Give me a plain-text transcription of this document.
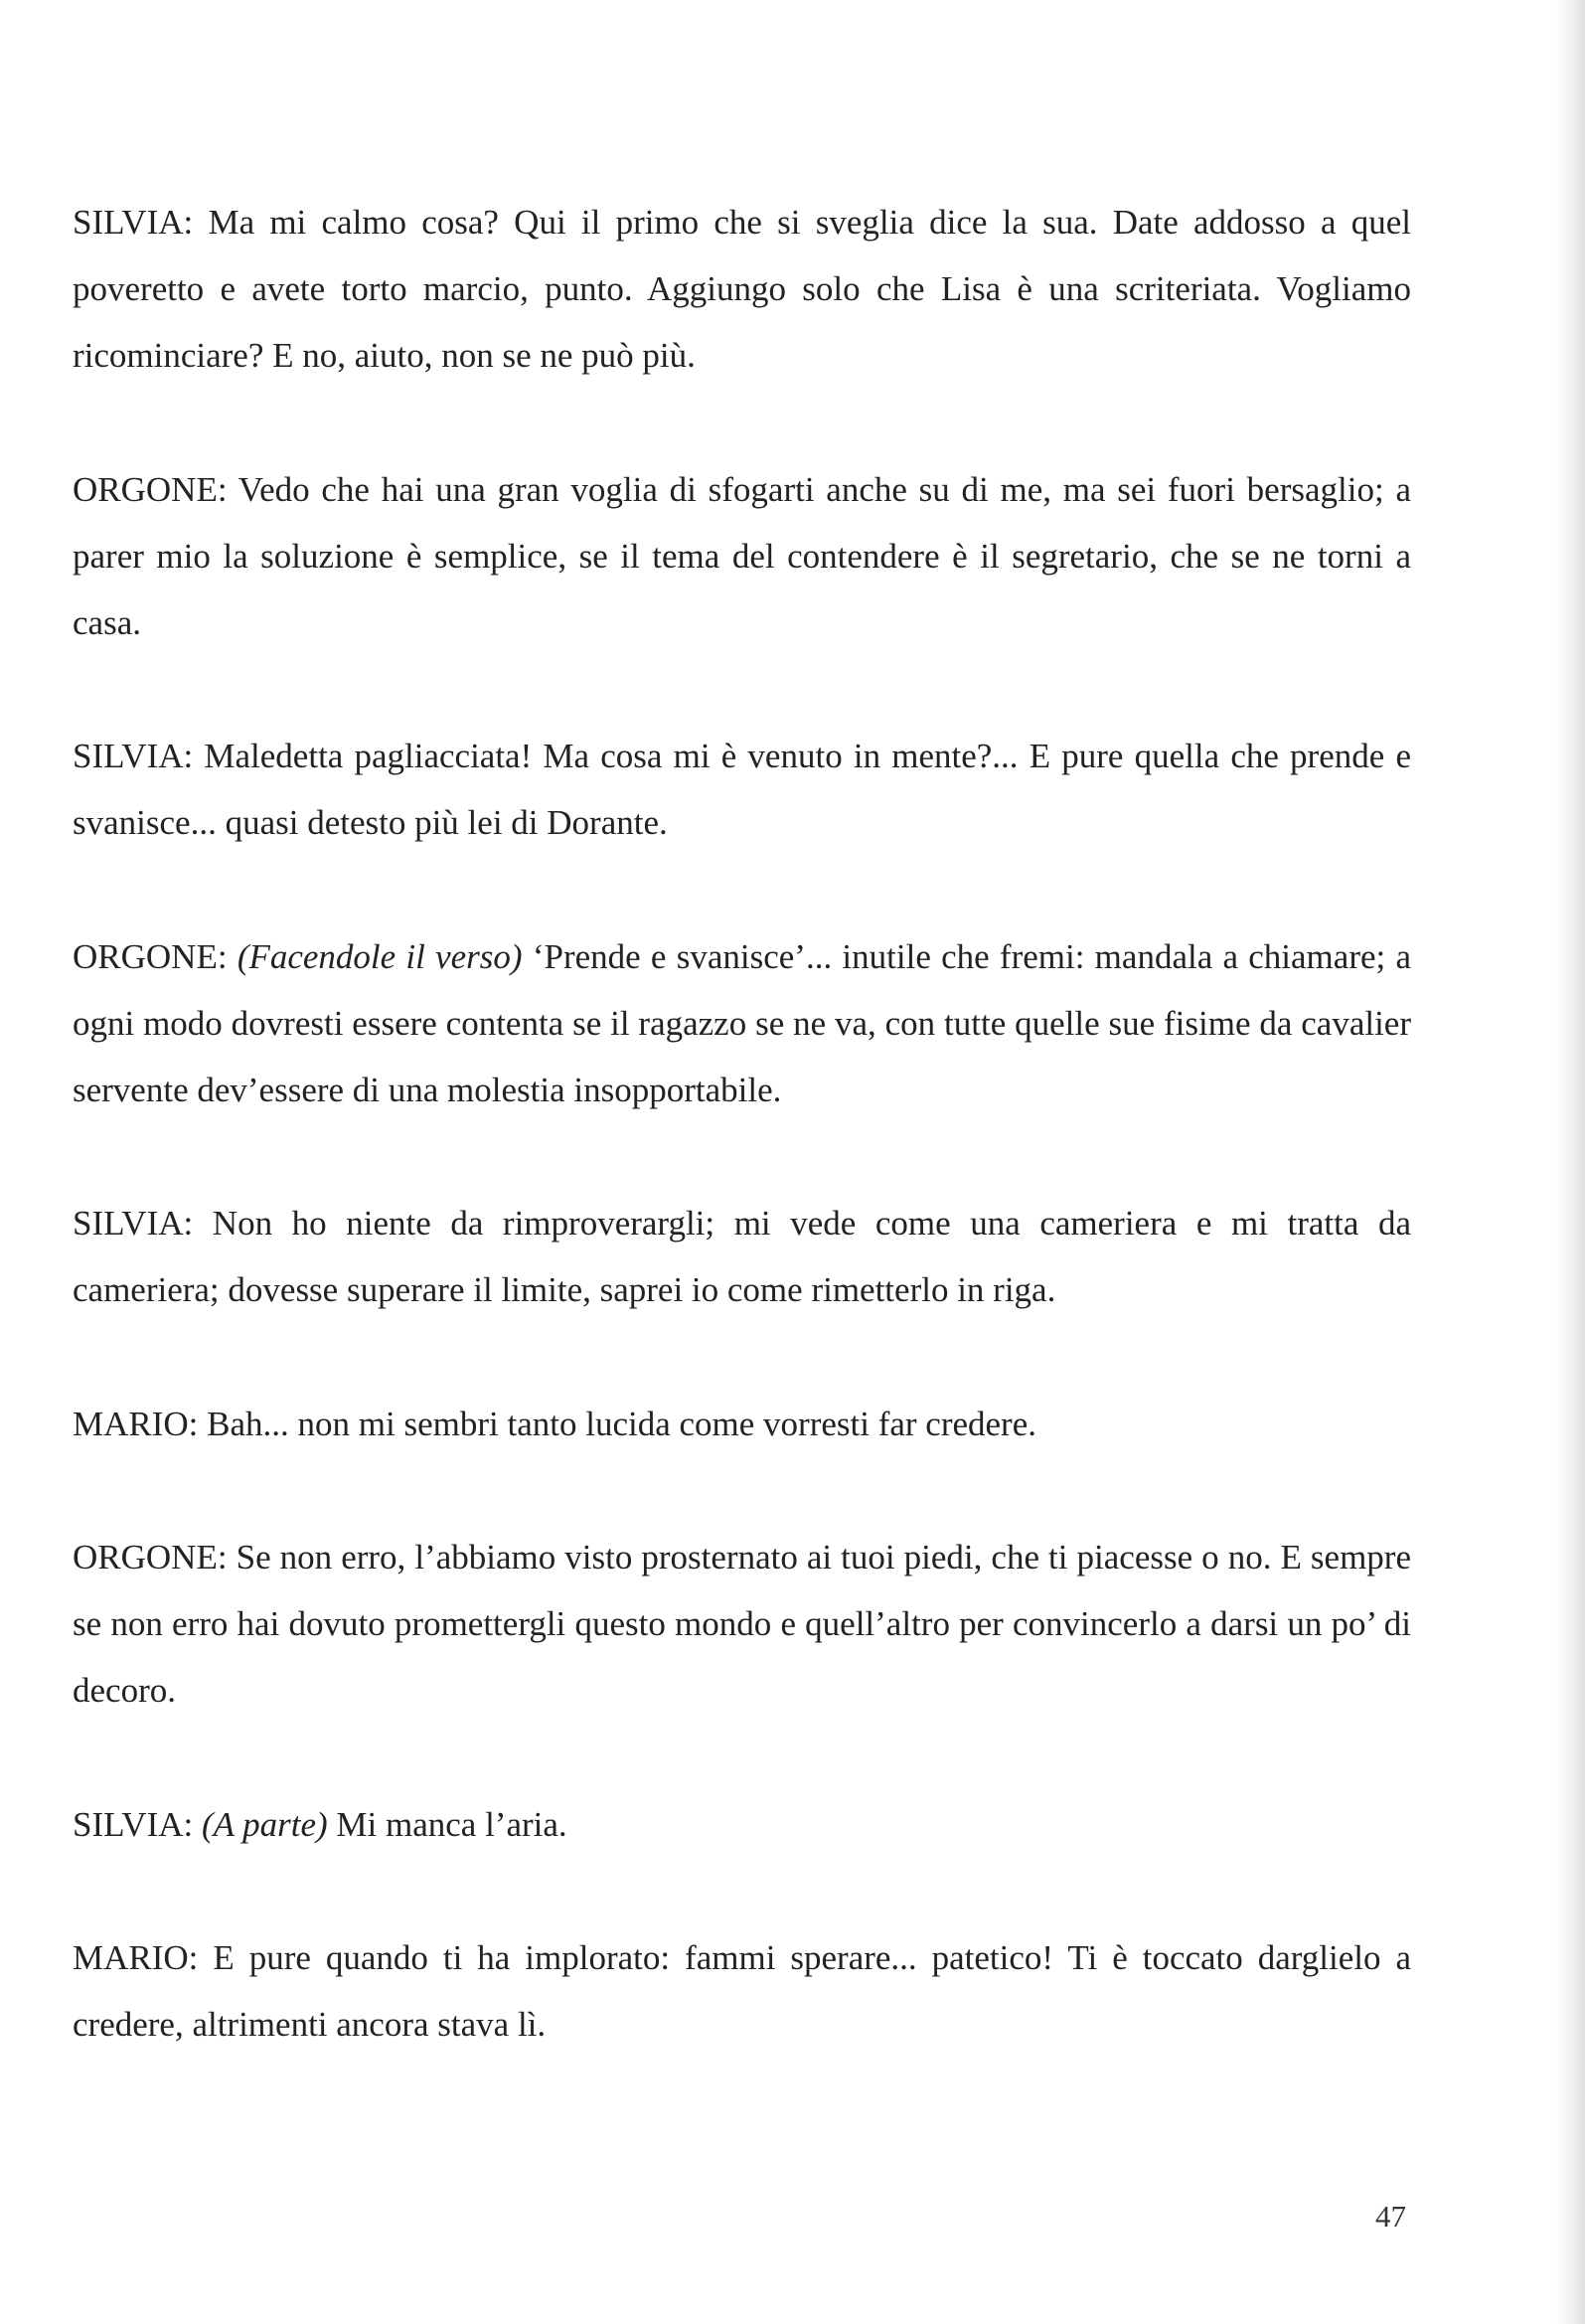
SILVIA: Ma mi calmo cosa? Qui il primo che si sveglia dice la sua. Date addosso a quel poveretto e avete torto marcio, punto. Aggiungo solo che Lisa è una scriteriata. Vogliamo ricominciare? E no, aiuto, non se ne può più.

ORGONE: Vedo che hai una gran voglia di sfogarti anche su di me, ma sei fuori bersaglio; a parer mio la soluzione è semplice, se il tema del contendere è il segretario, che se ne torni a casa.

SILVIA: Maledetta pagliacciata! Ma cosa mi è venuto in mente?... E pure quella che prende e svanisce... quasi detesto più lei di Dorante.

ORGONE: (Facendole il verso) ‘Prende e svanisce’... inutile che fremi: mandala a chiamare; a ogni modo dovresti essere contenta se il ragazzo se ne va, con tutte quelle sue fisime da cavalier servente dev’essere di una molestia insopportabile.

SILVIA: Non ho niente da rimproverargli; mi vede come una cameriera e mi tratta da cameriera; dovesse superare il limite, saprei io come rimetterlo in riga.

MARIO: Bah... non mi sembri tanto lucida come vorresti far credere.

ORGONE: Se non erro, l’abbiamo visto prosternato ai tuoi piedi, che ti piacesse o no. E sempre se non erro hai dovuto promettergli questo mondo e quell’altro per convincerlo a darsi un po’ di decoro.

SILVIA: (A parte) Mi manca l’aria.

MARIO: E pure quando ti ha implorato: fammi sperare... patetico! Ti è toccato darglielo a credere, altrimenti ancora stava lì.

47
